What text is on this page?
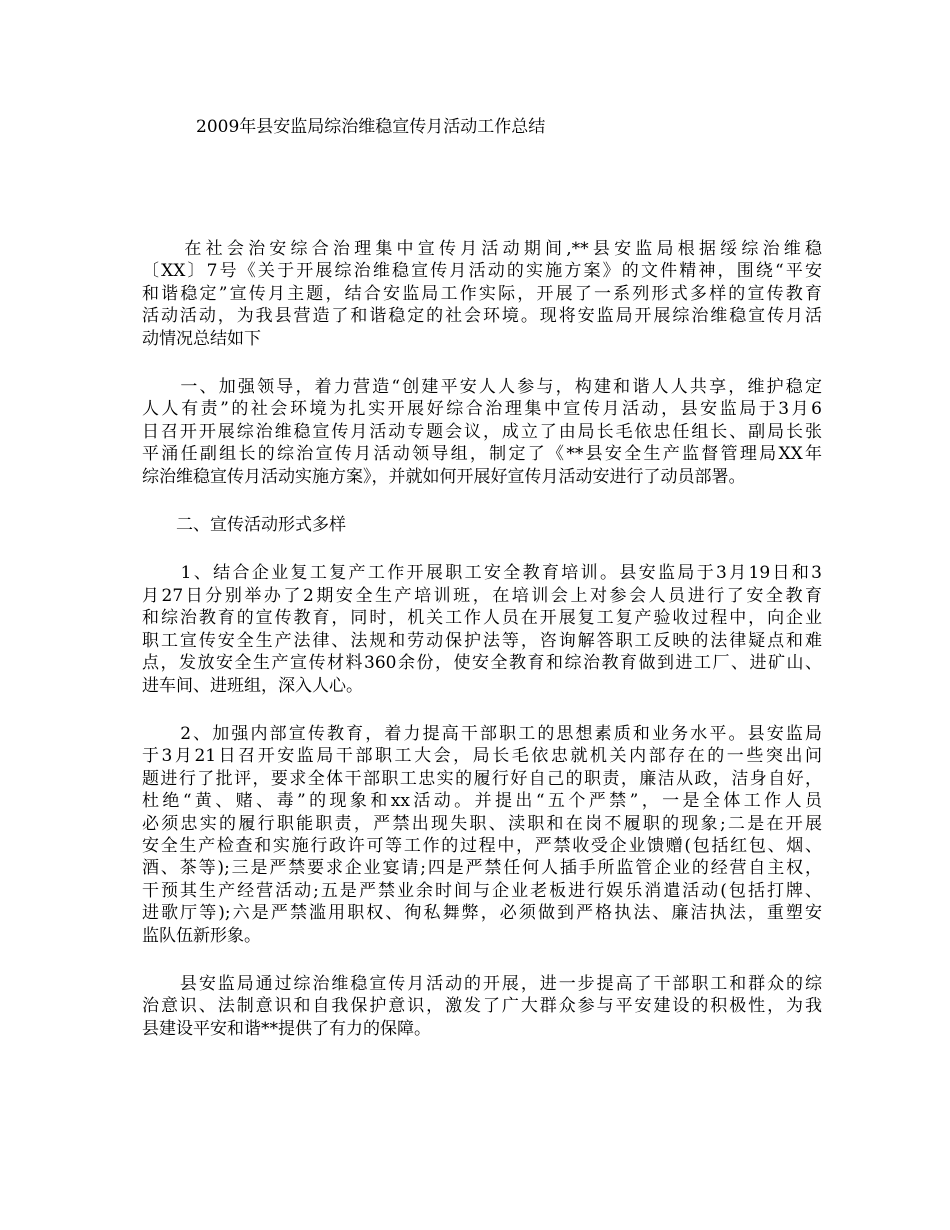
2009年县安监局综治维稳宣传月活动工作总结
　　在社会治安综合治理集中宣传月活动期间,**县安监局根据绥综治维稳
〔XX〕7号《关于开展综治维稳宣传月活动的实施方案》的文件精神，围绕“平安
和谐稳定”宣传月主题，结合安监局工作实际，开展了一系列形式多样的宣传教育
活动活动，为我县营造了和谐稳定的社会环境。现将安监局开展综治维稳宣传月活
动情况总结如下
　　一、加强领导，着力营造“创建平安人人参与，构建和谐人人共享，维护稳定
人人有责”的社会环境为扎实开展好综合治理集中宣传月活动，县安监局于3月6
日召开开展综治维稳宣传月活动专题会议，成立了由局长毛依忠任组长、副局长张
平涌任副组长的综治宣传月活动领导组，制定了《**县安全生产监督管理局XX年
综治维稳宣传月活动实施方案》，并就如何开展好宣传月活动安进行了动员部署。
　　二、宣传活动形式多样
　　1、结合企业复工复产工作开展职工安全教育培训。县安监局于3月19日和3
月27日分别举办了2期安全生产培训班，在培训会上对参会人员进行了安全教育
和综治教育的宣传教育，同时，机关工作人员在开展复工复产验收过程中，向企业
职工宣传安全生产法律、法规和劳动保护法等，咨询解答职工反映的法律疑点和难
点，发放安全生产宣传材料360余份，使安全教育和综治教育做到进工厂、进矿山、
进车间、进班组，深入人心。
　　2、加强内部宣传教育，着力提高干部职工的思想素质和业务水平。县安监局
于3月21日召开安监局干部职工大会，局长毛依忠就机关内部存在的一些突出问
题进行了批评，要求全体干部职工忠实的履行好自己的职责，廉洁从政，洁身自好，
杜绝“黄、赌、毒”的现象和xx活动。并提出“五个严禁”，一是全体工作人员
必须忠实的履行职能职责，严禁出现失职、渎职和在岗不履职的现象;二是在开展
安全生产检查和实施行政许可等工作的过程中，严禁收受企业馈赠(包括红包、烟、
酒、茶等);三是严禁要求企业宴请;四是严禁任何人插手所监管企业的经营自主权，
干预其生产经营活动;五是严禁业余时间与企业老板进行娱乐消遣活动(包括打牌、
进歌厅等);六是严禁滥用职权、徇私舞弊，必须做到严格执法、廉洁执法，重塑安
监队伍新形象。
　　县安监局通过综治维稳宣传月活动的开展，进一步提高了干部职工和群众的综
治意识、法制意识和自我保护意识，激发了广大群众参与平安建设的积极性，为我
县建设平安和谐**提供了有力的保障。
